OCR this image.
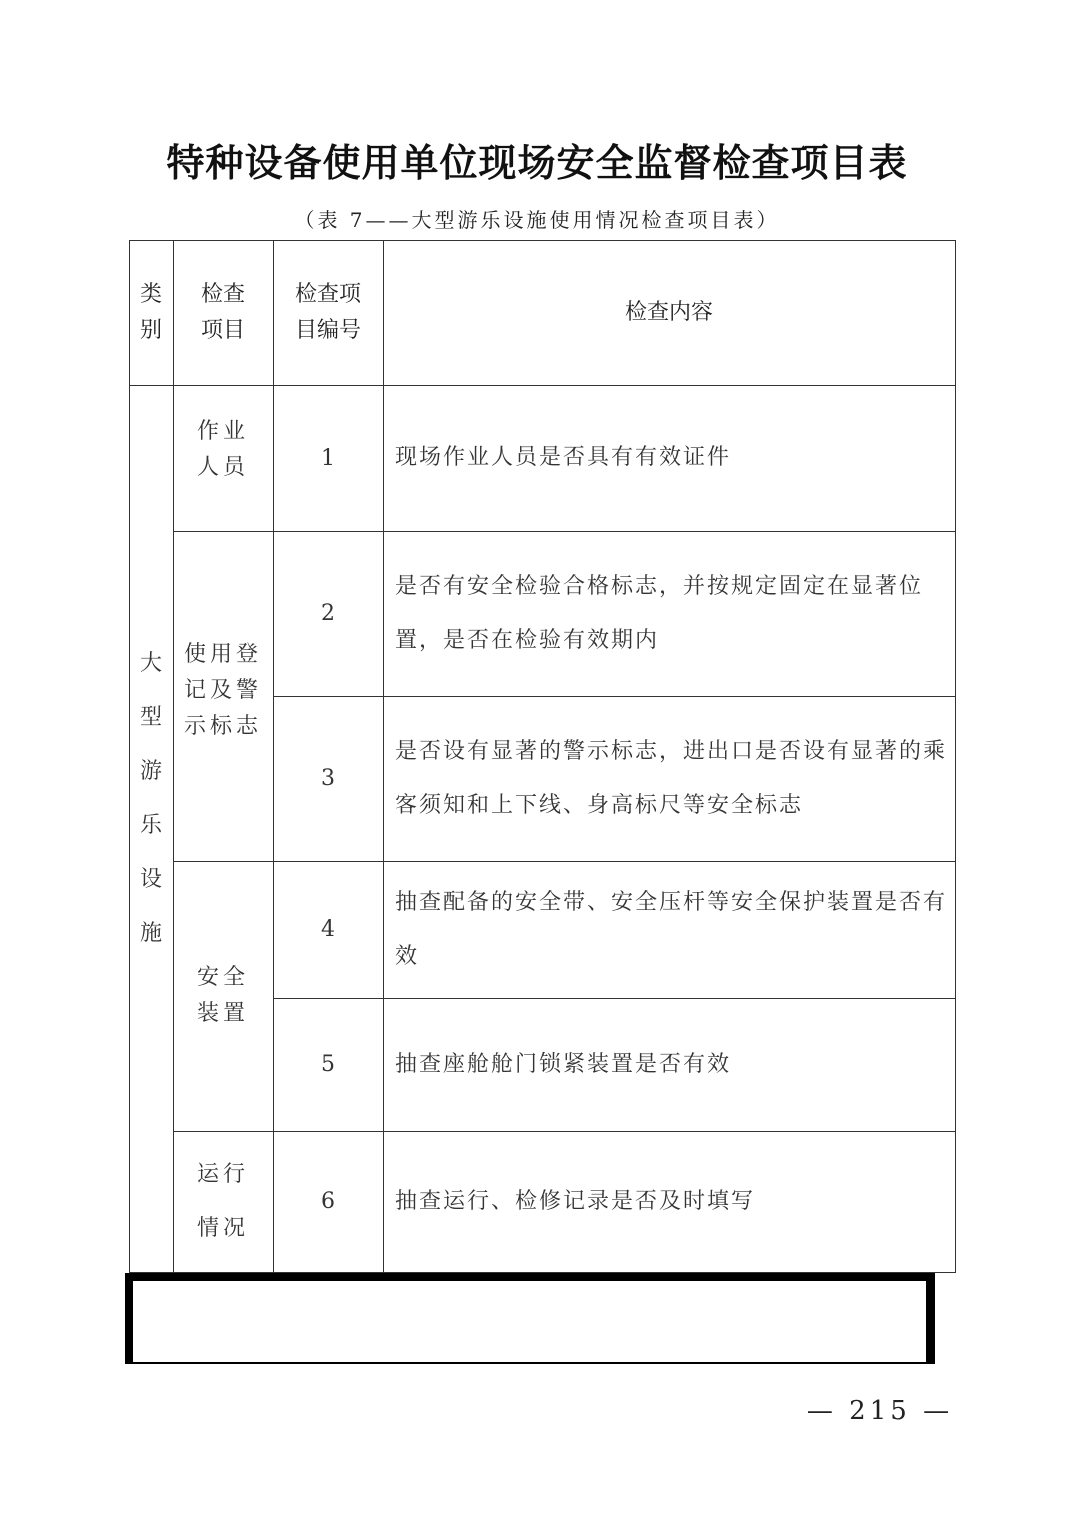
特种设备使用单位现场安全监督检查项目表
（表 7——大型游乐设施使用情况检查项目表）
类
别
检查
项目
检查项
目编号
检查内容
大
型
游
乐
设
施
作业
人员
使用登
记及警
示标志
安全
装置
运行
情况
1
2
3
4
5
6
现场作业人员是否具有有效证件
是否有安全检验合格标志，并按规定固定在显著位置，是否在检验有效期内
是否设有显著的警示标志，进出口是否设有显著的乘客须知和上下线、身高标尺等安全标志
抽查配备的安全带、安全压杆等安全保护装置是否有效
抽查座舱舱门锁紧装置是否有效
抽查运行、检修记录是否及时填写
— 215 —
